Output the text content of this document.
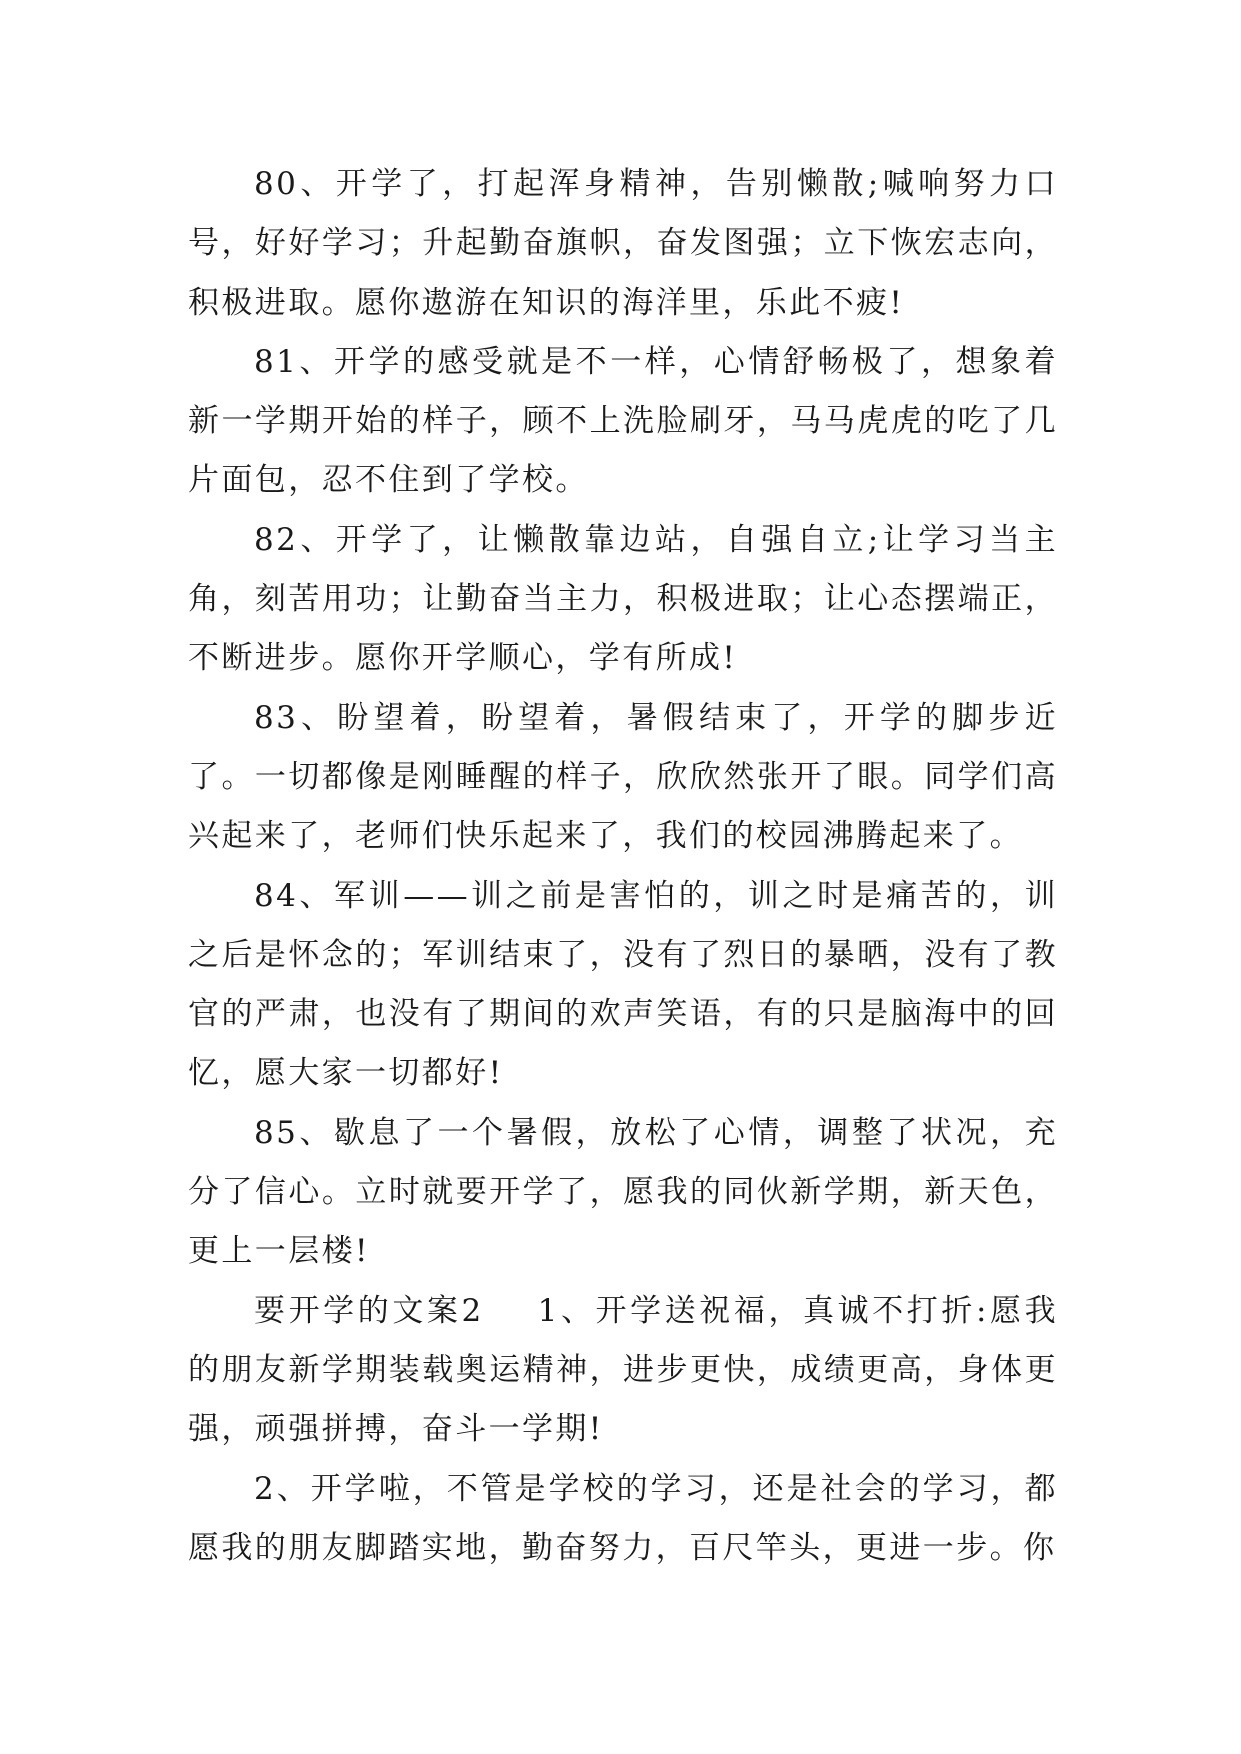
80、开学了，打起浑身精神，告别懒散;喊响努力口号，好好学习；升起勤奋旗帜，奋发图强；立下恢宏志向，积极进取。愿你遨游在知识的海洋里，乐此不疲!

81、开学的感受就是不一样，心情舒畅极了，想象着新一学期开始的样子，顾不上洗脸刷牙，马马虎虎的吃了几片面包，忍不住到了学校。

82、开学了，让懒散靠边站，自强自立;让学习当主角，刻苦用功；让勤奋当主力，积极进取；让心态摆端正，不断进步。愿你开学顺心，学有所成!

83、盼望着，盼望着，暑假结束了，开学的脚步近了。一切都像是刚睡醒的样子，欣欣然张开了眼。同学们高兴起来了，老师们快乐起来了，我们的校园沸腾起来了。

84、军训——训之前是害怕的，训之时是痛苦的，训之后是怀念的；军训结束了，没有了烈日的暴晒，没有了教官的严肃，也没有了期间的欢声笑语，有的只是脑海中的回忆，愿大家一切都好!

85、歇息了一个暑假，放松了心情，调整了状况，充分了信心。立时就要开学了，愿我的同伙新学期，新天色，更上一层楼!

要开学的文案2 1、开学送祝福，真诚不打折:愿我的朋友新学期装载奥运精神，进步更快，成绩更高，身体更强，顽强拼搏，奋斗一学期!

2、开学啦，不管是学校的学习，还是社会的学习，都愿我的朋友脚踏实地，勤奋努力，百尺竿头，更进一步。你
